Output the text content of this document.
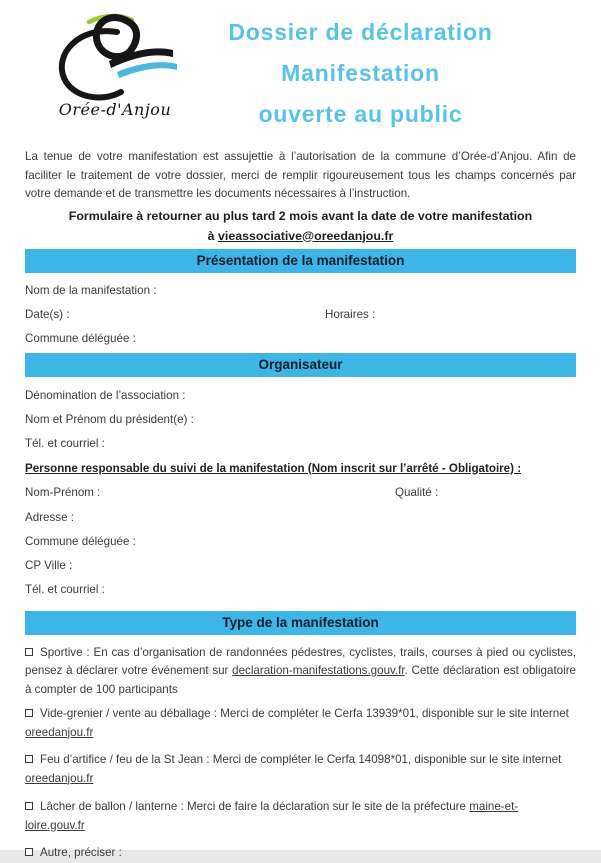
Orée-d'Anjou
Dossier de déclaration
Manifestation
ouverte au public
La tenue de votre manifestation est assujettie à l’autorisation de la commune d’Orée-d’Anjou. Afin de faciliter le traitement de votre dossier, merci de remplir rigoureusement tous les champs concernés par votre demande et de transmettre les documents nécessaires à l’instruction.
Formulaire à retourner au plus tard 2 mois avant la date de votre manifestation
à vieassociative@oreedanjou.fr
Présentation de la manifestation
Nom de la manifestation :
Date(s) :	Horaires :
Commune déléguée :
Organisateur
Dénomination de l’association :
Nom et Prénom du président(e) :
Tél. et courriel :
Personne responsable du suivi de la manifestation (Nom inscrit sur l’arrêté - Obligatoire) :
Nom-Prénom :	Qualité :
Adresse :
Commune déléguée :
CP Ville :
Tél. et courriel :
Type de la manifestation
Sportive : En cas d’organisation de randonnées pédestres, cyclistes, trails, courses à pied ou cyclistes, pensez à déclarer votre événement sur declaration-manifestations.gouv.fr. Cette déclaration est obligatoire à compter de 100 participants
Vide-grenier / vente au déballage : Merci de compléter le Cerfa 13939*01, disponible sur le site internet oreedanjou.fr
Feu d’artifice / feu de la St Jean : Merci de compléter le Cerfa 14098*01, disponible sur le site internet oreedanjou.fr
Lâcher de ballon / lanterne : Merci de faire la déclaration sur le site de la préfecture maine-et-loire.gouv.fr
Autre, préciser :
